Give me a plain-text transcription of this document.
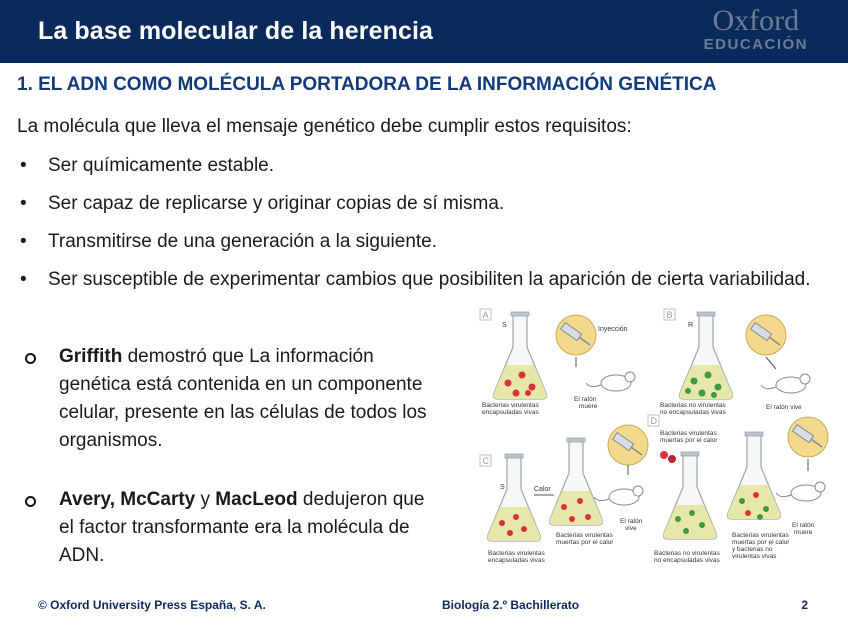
La base molecular de la herencia	Oxford
EDUCACIÓN
1. EL ADN COMO MOLÉCULA PORTADORA DE LA INFORMACIÓN GENÉTICA
La molécula que lleva el mensaje genético debe cumplir estos requisitos:
• Ser químicamente estable.
• Ser capaz de replicarse y originar copias de sí misma.
• Transmitirse de una generación a la siguiente.
• Ser susceptible de experimentar cambios que posibiliten la aparición de cierta variabilidad.
Griffith demostró que La información genética está contenida en un componente celular, presente en las células de todos los organismos.
Avery, McCarty y MacLeod dedujeron que el factor transformante era la molécula de ADN.
A
S
Inyección
Bacterias virulentas
encapsuladas vivas
El ratón
muere
B
R
Bacterias no virulentas
no encapsuladas vivas
El ratón vive
C
S	Calor
Bacterias virulentas
encapsuladas vivas
Bacterias virulentas
muertas por el calor
El ratón
vive
D
Bacterias virulentas
muertas por el calor
Bacterias no virulentas
no encapsuladas vivas
Bacterias virulentas
muertas por el calor
y bacterias no
virulentas vivas
El ratón
muere
© Oxford University Press España, S. A.	Biología 2.º Bachillerato	2
